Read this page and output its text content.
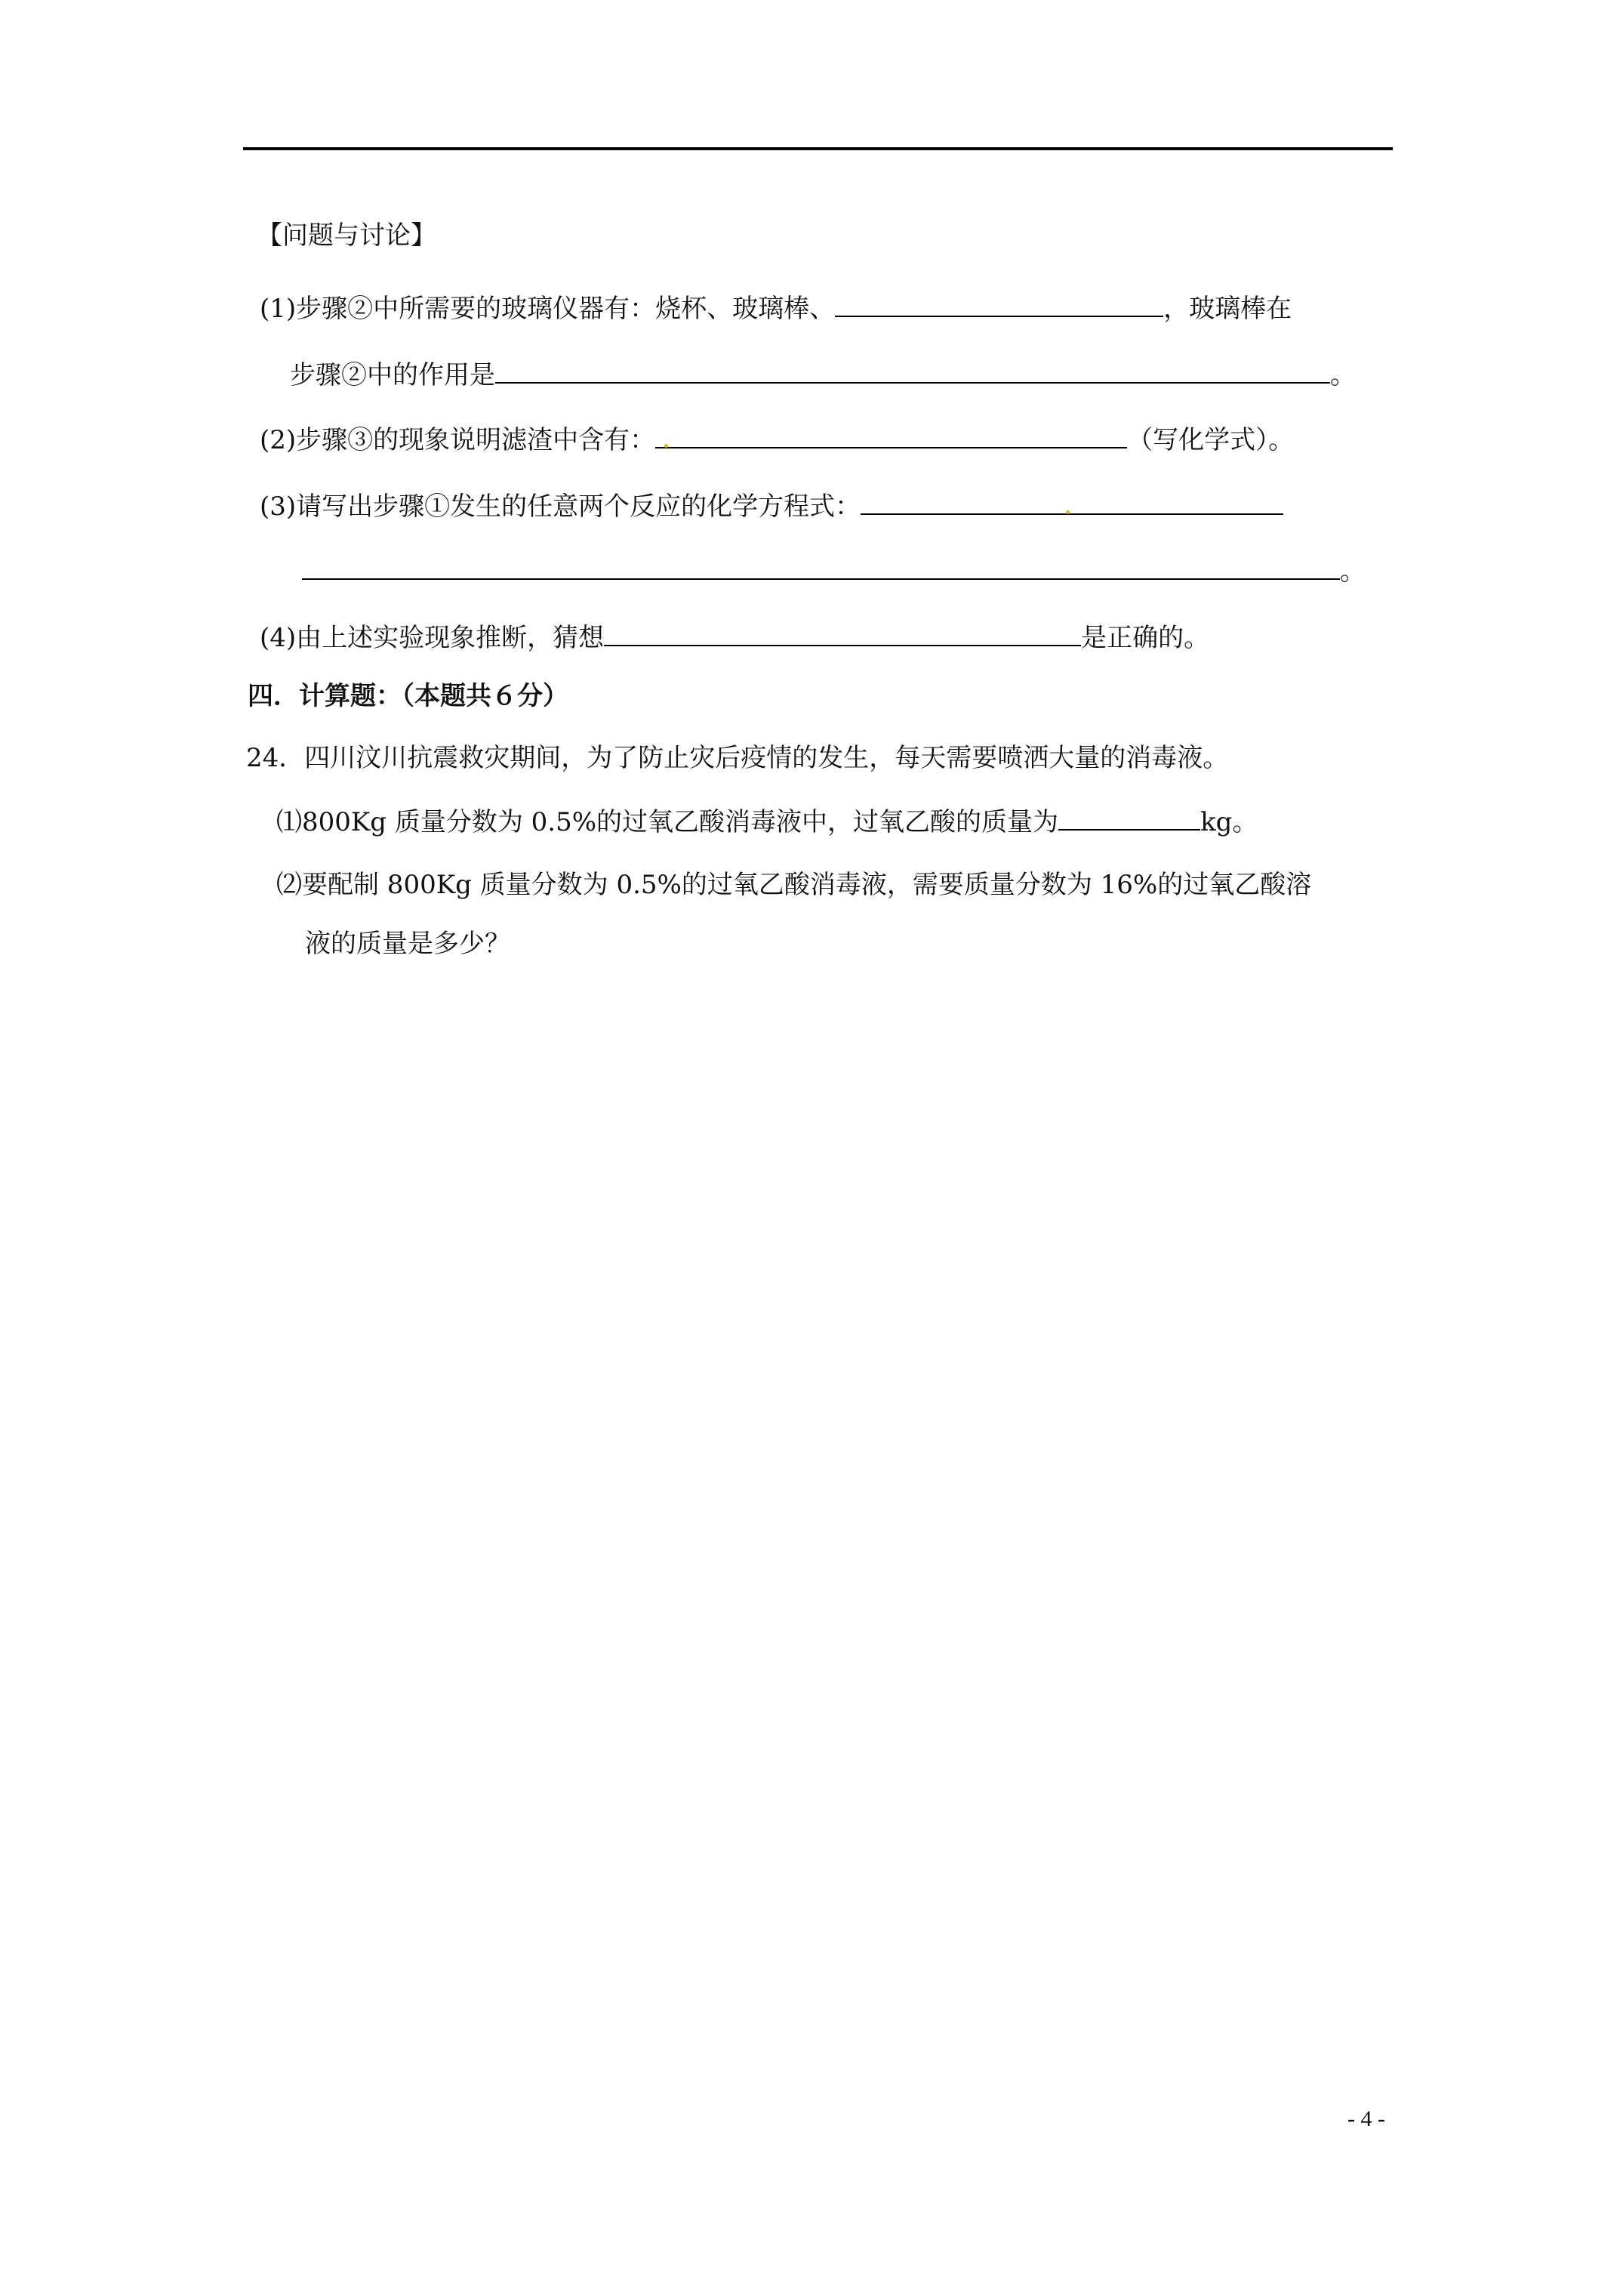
【问题与讨论】
(1)步骤②中所需要的玻璃仪器有：烧杯、玻璃棒、	，玻璃棒在
步骤②中的作用是	。
(2)步骤③的现象说明滤渣中含有：	（写化学式）。
(3)请写出步骤①发生的任意两个反应的化学方程式：
。
(4)由上述实验现象推断，猜想	是正确的。
四．计算题：（本题共６分）
24．四川汶川抗震救灾期间，为了防止灾后疫情的发生，每天需要喷洒大量的消毒液。
⑴800Kg 质量分数为 0.5%的过氧乙酸消毒液中，过氧乙酸的质量为	kg。
⑵要配制 800Kg 质量分数为 0.5%的过氧乙酸消毒液，需要质量分数为 16%的过氧乙酸溶
液的质量是多少？
- 4 -
